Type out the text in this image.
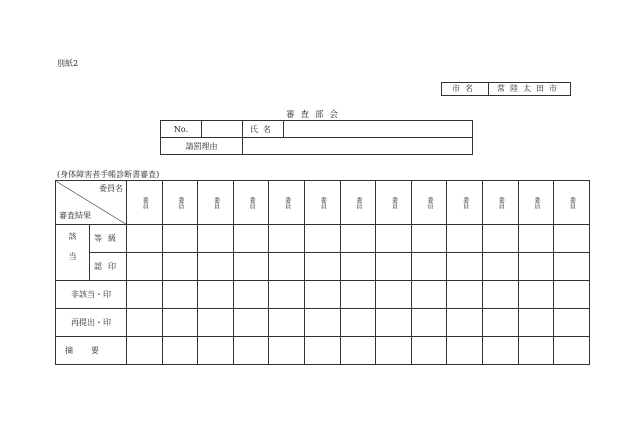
別紙2
市名	常陸太田市
審査部会
No.		氏名	
請罰理由			
(身体障害者手帳診断書審査)
委員名
審査結果		委員	委員	委員	委員	委員	委員	委員	委員	委員	委員	委員	委員	委員

該当	等級													
	認印													
非該当・印														
再提出・印														
摘要														
